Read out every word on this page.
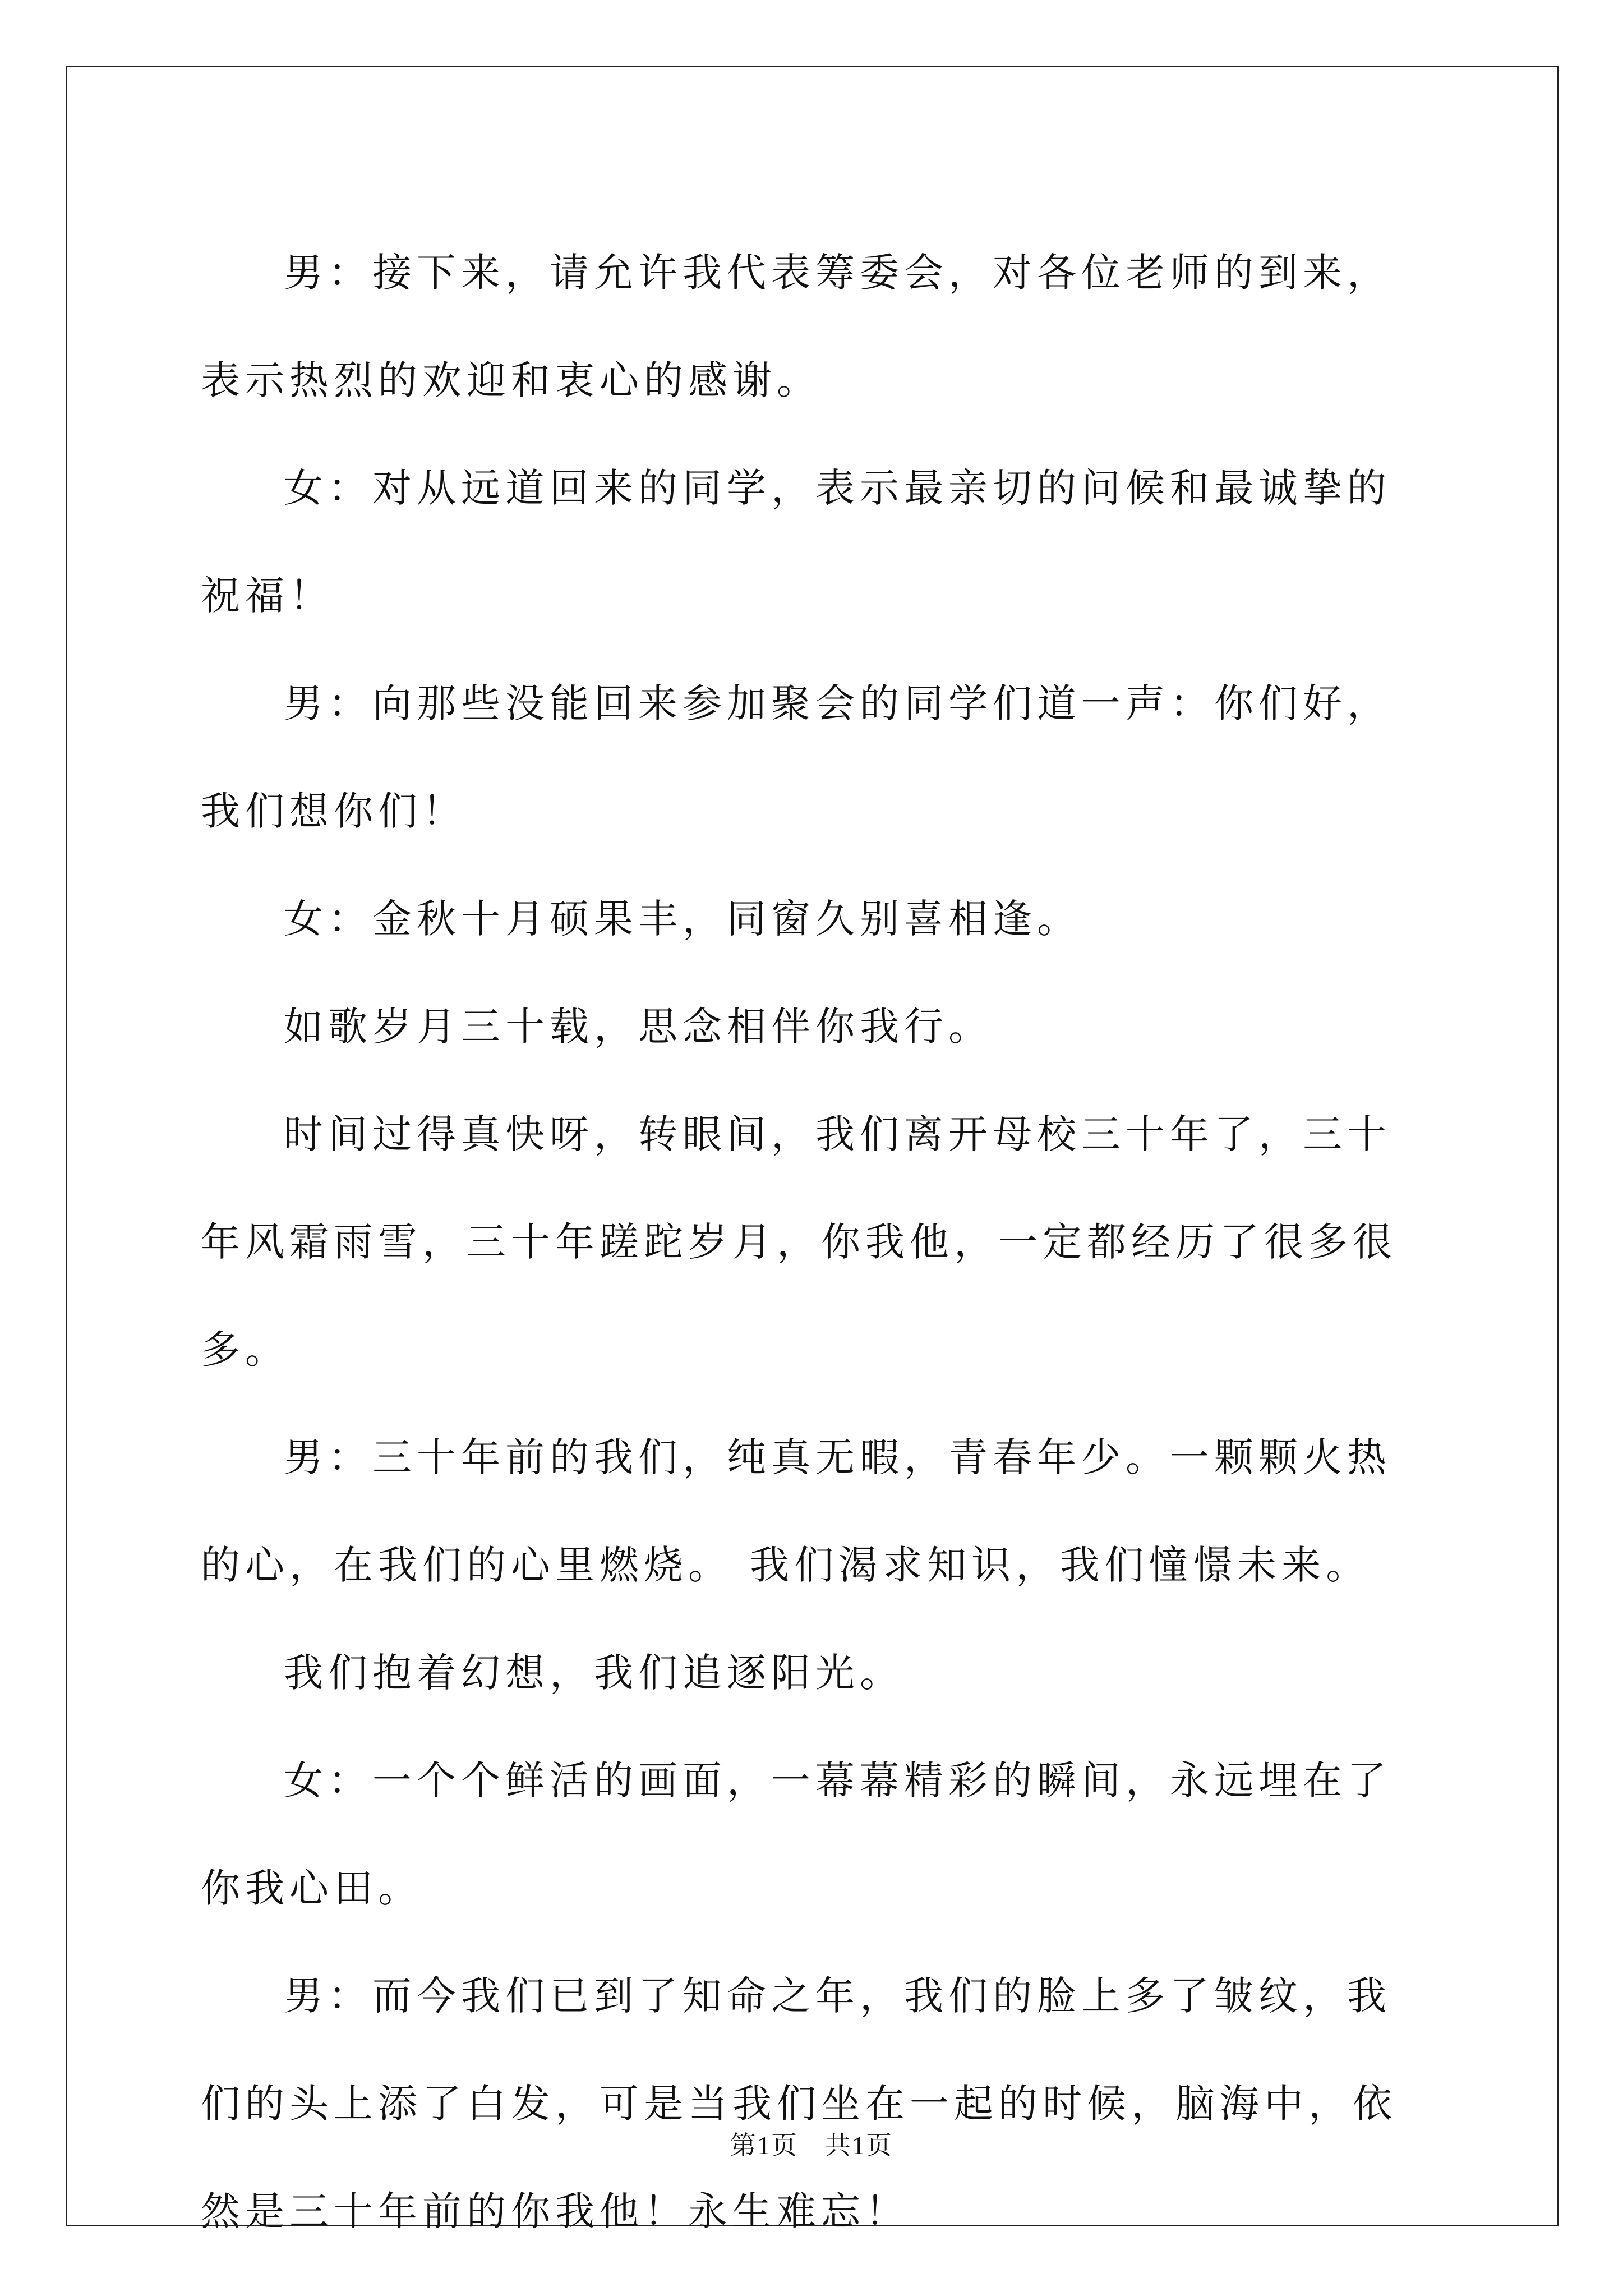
男：接下来，请允许我代表筹委会，对各位老师的到来，表示热烈的欢迎和衷心的感谢。

女：对从远道回来的同学，表示最亲切的问候和最诚挚的祝福！

男：向那些没能回来参加聚会的同学们道一声：你们好，我们想你们！

女：金秋十月硕果丰，同窗久别喜相逢。

如歌岁月三十载，思念相伴你我行。

时间过得真快呀，转眼间，我们离开母校三十年了，三十年风霜雨雪，三十年蹉跎岁月，你我他，一定都经历了很多很多。

男：三十年前的我们，纯真无暇，青春年少。一颗颗火热的心，在我们的心里燃烧。 我们渴求知识，我们憧憬未来。

我们抱着幻想，我们追逐阳光。

女：一个个鲜活的画面，一幕幕精彩的瞬间，永远埋在了你我心田。

男：而今我们已到了知命之年，我们的脸上多了皱纹，我们的头上添了白发，可是当我们坐在一起的时候，脑海中，依然是三十年前的你我他！永生难忘！

第1页 共1页
